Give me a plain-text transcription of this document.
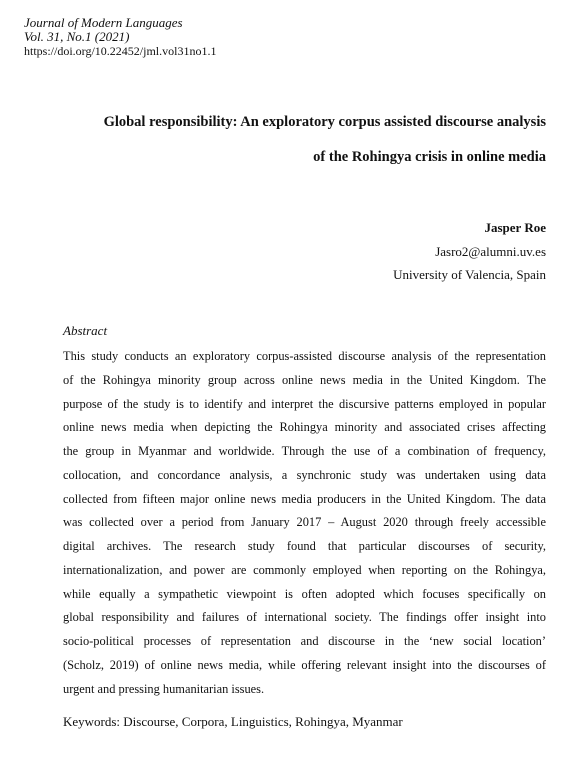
Journal of Modern Languages
Vol. 31, No.1 (2021)
https://doi.org/10.22452/jml.vol31no1.1
Global responsibility: An exploratory corpus assisted discourse analysis
of the Rohingya crisis in online media
Jasper Roe
Jasro2@alumni.uv.es
University of Valencia, Spain
Abstract
This study conducts an exploratory corpus-assisted discourse analysis of the representation
of the Rohingya minority group across online news media in the United Kingdom. The
purpose of the study is to identify and interpret the discursive patterns employed in popular
online news media when depicting the Rohingya minority and associated crises affecting
the group in Myanmar and worldwide. Through the use of a combination of frequency,
collocation, and concordance analysis, a synchronic study was undertaken using data
collected from fifteen major online news media producers in the United Kingdom. The data
was collected over a period from January 2017 – August 2020 through freely accessible
digital archives. The research study found that particular discourses of security,
internationalization, and power are commonly employed when reporting on the Rohingya,
while equally a sympathetic viewpoint is often adopted which focuses specifically on
global responsibility and failures of international society. The findings offer insight into
socio-political processes of representation and discourse in the ‘new social location’
(Scholz, 2019) of online news media, while offering relevant insight into the discourses of
urgent and pressing humanitarian issues.
Keywords: Discourse, Corpora, Linguistics, Rohingya, Myanmar
